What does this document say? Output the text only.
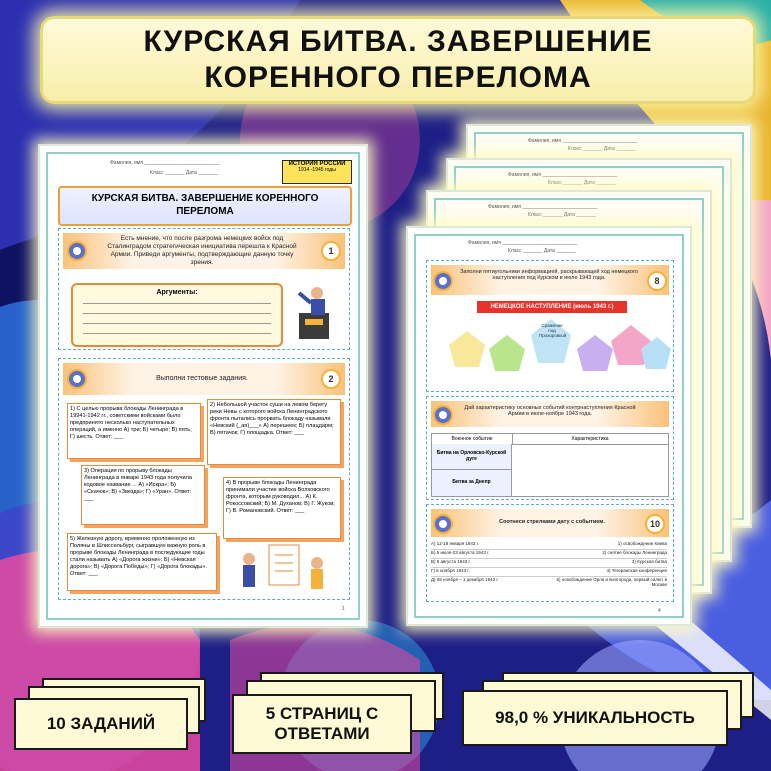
КУРСКАЯ БИТВА. ЗАВЕРШЕНИЕ КОРЕННОГО ПЕРЕЛОМА
Фамилия, имя ___________________________
Класс _______ Дата _______
Фамилия, имя ___________________________
Класс _______ Дата _______
Фамилия, имя ___________________________
Класс _______ Дата _______
Фамилия, имя ___________________________
Класс _______ Дата _______
Заполни пятиугольники информацией, раскрывающей ход немецкого наступления под Курском в июле 1943 года.	8
НЕМЕЦКОЕ НАСТУПЛЕНИЕ (июль 1943 г.)
Сражение под Прохоровкой
Дай характеристику основных событий контрнаступления Красной Армии в июле-ноябре 1943 года.
Военное событие	Характеристика
Битва на Орловско-Курской дуге
Битва за Днепр
Соотнеси стрелками дату с событием.	10
А) 12-18 января 1943 г.	1) освобождение Киева
Б) 5 июля-23 августа 1943 г.	2) снятие блокады Ленинграда
В) 5 августа 1943 г.	3) Курская битва
Г) 6 ноября 1943 г.	4) Тегеранская конференция
Д) 28 ноября – 1 декабря 1943 г.	5) освобождение Орла и Белгорода, первый салют в Москве
4
Фамилия, имя ___________________________
Класс _______ Дата _______
ИСТОРИЯ РОССИИ
1914 -1945 годы
КУРСКАЯ БИТВА. ЗАВЕРШЕНИЕ КОРЕННОГО ПЕРЕЛОМА
Есть мнение, что после разгрома немецких войск под Сталинградом стратегическая инициатива перешла к Красной Армии. Приведи аргументы, подтверждающие данную точку зрения.
1
Аргументы:
Выполни тестовые задания.	2
1) С целью прорыва блокады Ленинграда в 19941-1942 гг., советскими войсками было предпринято несколько наступательных операций, а именно А) три; Б) четыре; В) пять; Г) шесть. Ответ: ___
2) Небольшой участок суши на левом берегу реки Невы с которого войска Ленинградского фронта пытались прорвать блокаду называли «Невский (_ая)___» А) перешеек; Б) плацдарм; В) пятачок; Г) площадка. Ответ: ___
3) Операция по прорыву блокады Ленинграда в январе 1943 года получила кодовое название ... А) «Искра»; Б) «Скачок»; В) «Звезда»; Г) «Уран». Ответ: ___
4) В прорыве блокады Ленинграда принимали участие войска Волховского фронта, которым руководил... А) К. Рокоссовский; Б) М. Духанов; В) Г. Жуков; Г) В. Романовский. Ответ: ___
5) Железную дорогу, временно проложенную из Поляны в Шлиссельбург, сыгравшую важную роль в прорыве блокады Ленинграда в последующие годы стали называть А) «Дорога жизни»; Б) «Невская дорога»; В) «Дорога Победы»; Г) «Дорога блокады». Ответ: ___
1
10 ЗАДАНИЙ
5 СТРАНИЦ С ОТВЕТАМИ
98,0 % УНИКАЛЬНОСТЬ
